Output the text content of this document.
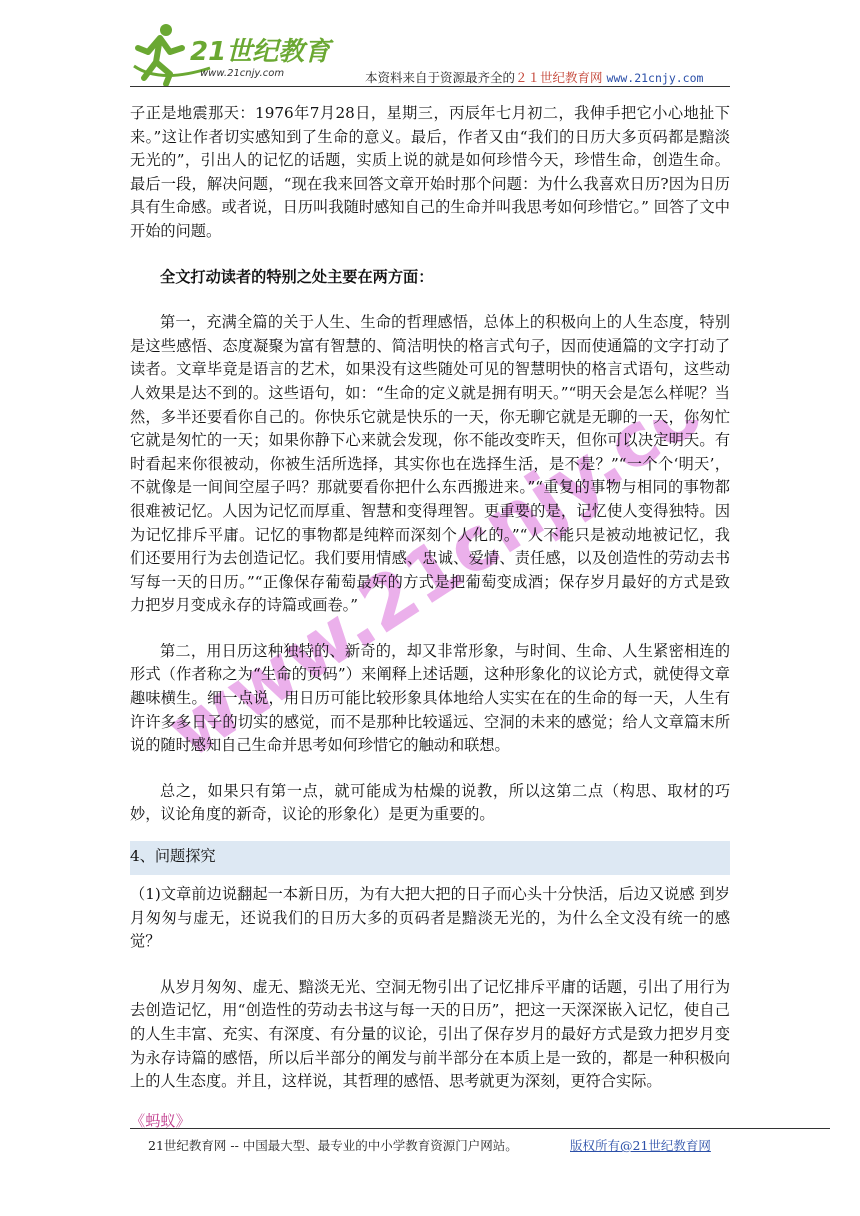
21世纪教育
www.21cnjy.com	本资料来自于资源最齐全的２１世纪教育网 www.21cnjy.com
www.21cnjy.com

子正是地震那天：1976年7月28日，星期三，丙辰年七月初二，我伸手把它小心地扯下来。”这让作者切实感知到了生命的意义。最后，作者又由“我们的日历大多页码都是黯淡无光的”，引出人的记忆的话题，实质上说的就是如何珍惜今天，珍惜生命，创造生命。最后一段，解决问题，“现在我来回答文章开始时那个问题：为什么我喜欢日历?因为日历具有生命感。或者说，日历叫我随时感知自己的生命并叫我思考如何珍惜它。” 回答了文中开始的问题。

全文打动读者的特别之处主要在两方面：

第一，充满全篇的关于人生、生命的哲理感悟，总体上的积极向上的人生态度，特别是这些感悟、态度凝聚为富有智慧的、简洁明快的格言式句子，因而使通篇的文字打动了读者。文章毕竟是语言的艺术，如果没有这些随处可见的智慧明快的格言式语句，这些动人效果是达不到的。这些语句，如：“生命的定义就是拥有明天。”“明天会是怎么样呢？当然，多半还要看你自己的。你快乐它就是快乐的一天，你无聊它就是无聊的一天，你匆忙它就是匆忙的一天；如果你静下心来就会发现，你不能改变昨天，但你可以决定明天。有时看起来你很被动，你被生活所选择，其实你也在选择生活，是不是？”“一个个‘明天’，不就像是一间间空屋子吗？那就要看你把什么东西搬进来。”“重复的事物与相同的事物都很难被记忆。人因为记忆而厚重、智慧和变得理智。更重要的是，记忆使人变得独特。因为记忆排斥平庸。记忆的事物都是纯粹而深刻个人化的。”“人不能只是被动地被记忆，我们还要用行为去创造记忆。我们要用情感、忠诚、爱情、责任感，以及创造性的劳动去书写每一天的日历。”“正像保存葡萄最好的方式是把葡萄变成酒；保存岁月最好的方式是致力把岁月变成永存的诗篇或画卷。”

第二，用日历这种独特的、新奇的，却又非常形象，与时间、生命、人生紧密相连的形式（作者称之为“生命的页码”）来阐释上述话题，这种形象化的议论方式，就使得文章趣味横生。细一点说，用日历可能比较形象具体地给人实实在在的生命的每一天，人生有许许多多日子的切实的感觉，而不是那种比较遥远、空洞的未来的感觉；给人文章篇末所说的随时感知自己生命并思考如何珍惜它的触动和联想。

总之，如果只有第一点，就可能成为枯燥的说教，所以这第二点（构思、取材的巧妙，议论角度的新奇，议论的形象化）是更为重要的。

4、问题探究

（1)文章前边说翻起一本新日历，为有大把大把的日子而心头十分快活，后边又说感 到岁月匆匆与虚无，还说我们的日历大多的页码者是黯淡无光的，为什么全文没有统一的感觉？

从岁月匆匆、虚无、黯淡无光、空洞无物引出了记忆排斥平庸的话题，引出了用行为去创造记忆，用“创造性的劳动去书这与每一天的日历”，把这一天深深嵌入记忆，使自己的人生丰富、充实、有深度、有分量的议论，引出了保存岁月的最好方式是致力把岁月变为永存诗篇的感悟，所以后半部分的阐发与前半部分在本质上是一致的，都是一种积极向上的人生态度。并且，这样说，其哲理的感悟、思考就更为深刻，更符合实际。

《蚂蚁》

21世纪教育网 -- 中国最大型、最专业的中小学教育资源门户网站。	版权所有@21世纪教育网
